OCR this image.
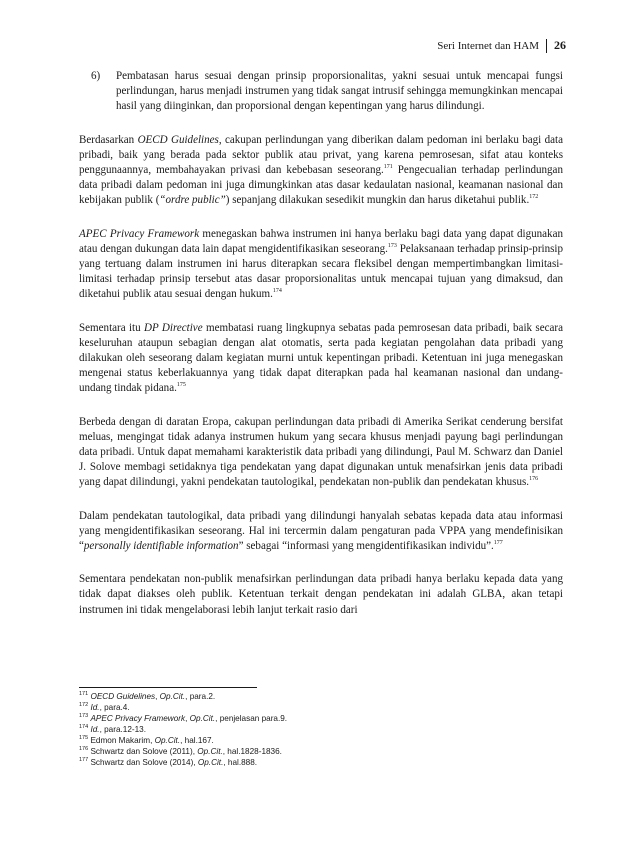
Seri Internet dan HAM 26
6)	Pembatasan harus sesuai dengan prinsip proporsionalitas, yakni sesuai untuk mencapai fungsi perlindungan, harus menjadi instrumen yang tidak sangat intrusif sehingga memungkinkan mencapai hasil yang diinginkan, dan proporsional dengan kepentingan yang harus dilindungi.

Berdasarkan OECD Guidelines, cakupan perlindungan yang diberikan dalam pedoman ini berlaku bagi data pribadi, baik yang berada pada sektor publik atau privat, yang karena pemrosesan, sifat atau konteks penggunaannya, membahayakan privasi dan kebebasan seseorang.$^{171}$ Pengecualian terhadap perlindungan data pribadi dalam pedoman ini juga dimungkinkan atas dasar kedaulatan nasional, keamanan nasional dan kebijakan publik (“ordre public”) sepanjang dilakukan sesedikit mungkin dan harus diketahui publik.$^{172}$

APEC Privacy Framework menegaskan bahwa instrumen ini hanya berlaku bagi data yang dapat digunakan atau dengan dukungan data lain dapat mengidentifikasikan seseorang.$^{173}$ Pelaksanaan terhadap prinsip-prinsip yang tertuang dalam instrumen ini harus diterapkan secara fleksibel dengan mempertimbangkan limitasi-limitasi terhadap prinsip tersebut atas dasar proporsionalitas untuk mencapai tujuan yang dimaksud, dan diketahui publik atau sesuai dengan hukum.$^{174}$

Sementara itu DP Directive membatasi ruang lingkupnya sebatas pada pemrosesan data pribadi, baik secara keseluruhan ataupun sebagian dengan alat otomatis, serta pada kegiatan pengolahan data pribadi yang dilakukan oleh seseorang dalam kegiatan murni untuk kepentingan pribadi. Ketentuan ini juga menegaskan mengenai status keberlakuannya yang tidak dapat diterapkan pada hal keamanan nasional dan undang-undang tindak pidana.$^{175}$

Berbeda dengan di daratan Eropa, cakupan perlindungan data pribadi di Amerika Serikat cenderung bersifat meluas, mengingat tidak adanya instrumen hukum yang secara khusus menjadi payung bagi perlindungan data pribadi. Untuk dapat memahami karakteristik data pribadi yang dilindungi, Paul M. Schwarz dan Daniel J. Solove membagi setidaknya tiga pendekatan yang dapat digunakan untuk menafsirkan jenis data pribadi yang dapat dilindungi, yakni pendekatan tautologikal, pendekatan non-publik dan pendekatan khusus.$^{176}$

Dalam pendekatan tautologikal, data pribadi yang dilindungi hanyalah sebatas kepada data atau informasi yang mengidentifikasikan seseorang. Hal ini tercermin dalam pengaturan pada VPPA yang mendefinisikan “personally identifiable information” sebagai “informasi yang mengidentifikasikan individu”.$^{177}$

Sementara pendekatan non-publik menafsirkan perlindungan data pribadi hanya berlaku kepada data yang tidak dapat diakses oleh publik. Ketentuan terkait dengan pendekatan ini adalah GLBA, akan tetapi instrumen ini tidak mengelaborasi lebih lanjut terkait rasio dari

$^{171}$ OECD Guidelines, Op.Cit., para.2.
$^{172}$ Id., para.4.
$^{173}$ APEC Privacy Framework, Op.Cit., penjelasan para.9.
$^{174}$ Id., para.12-13.
$^{175}$ Edmon Makarim, Op.Cit., hal.167.
$^{176}$ Schwartz dan Solove (2011), Op.Cit., hal.1828-1836.
$^{177}$ Schwartz dan Solove (2014), Op.Cit., hal.888.
